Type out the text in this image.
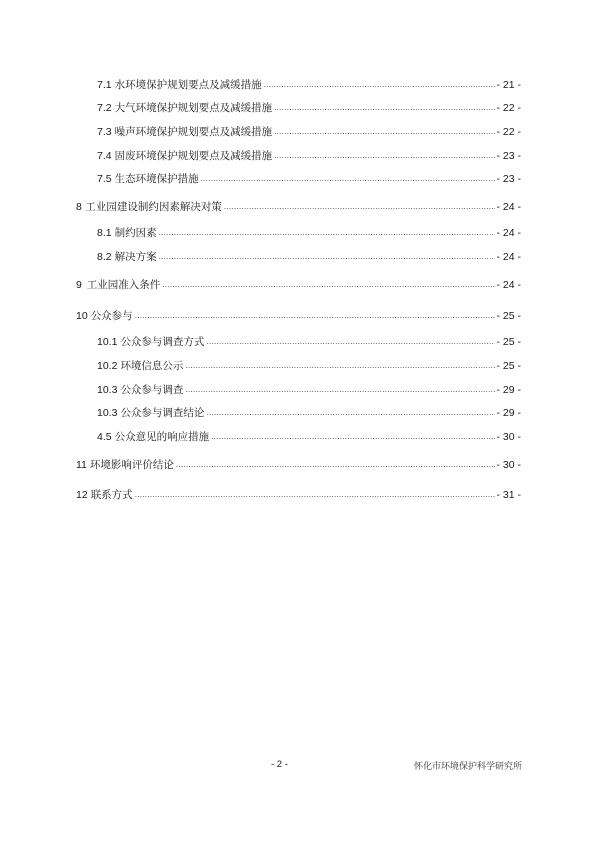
7.1 水环境保护规划要点及减缓措施 .....	- 21 -
7.2 大气环境保护规划要点及减缓措施 .....	- 22 -
7.3 噪声环境保护规划要点及减缓措施 .....	- 22 -
7.4 固废环境保护规划要点及减缓措施 .....	- 23 -
7.5 生态环境保护措施 .....	- 23 -
8 工业园建设制约因素解决对策 .....	- 24 -
8.1 制约因素 .....	- 24 -
8.2 解决方案 .....	- 24 -
9 工业园准入条件 .....	- 24 -
10 公众参与 .....	- 25 -
10.1 公众参与调查方式 .....	- 25 -
10.2 环境信息公示 .....	- 25 -
10.3 公众参与调查 .....	- 29 -
10.3 公众参与调查结论 .....	- 29 -
4.5 公众意见的响应措施 .....	- 30 -
11 环境影响评价结论 .....	- 30 -
12 联系方式 .....	- 31 -
- 2 -	怀化市环境保护科学研究所
